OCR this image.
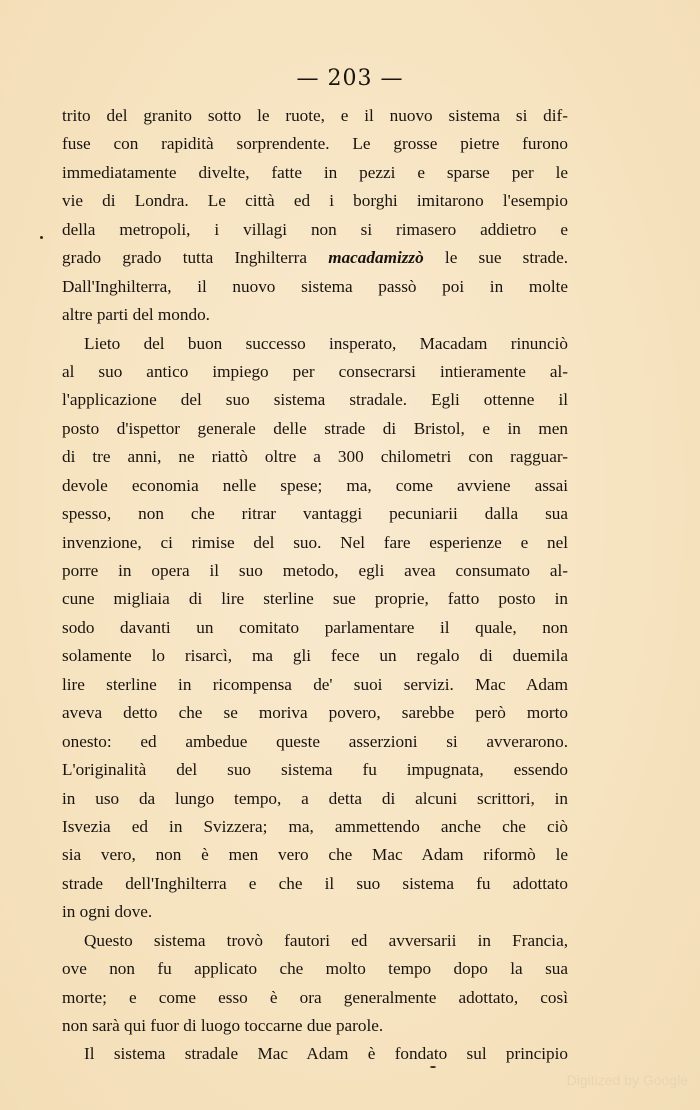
— 203 —
trito del granito sotto le ruote, e il nuovo sistema si dif-
fuse con rapidità sorprendente. Le grosse pietre furono
immediatamente divelte, fatte in pezzi e sparse per le
vie di Londra. Le città ed i borghi imitarono l'esempio
della metropoli, i villagi non si rimasero addietro e
grado grado tutta Inghilterra macadamizzò le sue strade.
Dall'Inghilterra, il nuovo sistema passò poi in molte
altre parti del mondo.
Lieto del buon successo insperato, Macadam rinunciò
al suo antico impiego per consecrarsi intieramente al-
l'applicazione del suo sistema stradale. Egli ottenne il
posto d'ispettor generale delle strade di Bristol, e in men
di tre anni, ne riattò oltre a 300 chilometri con ragguar-
devole economia nelle spese; ma, come avviene assai
spesso, non che ritrar vantaggi pecuniarii dalla sua
invenzione, ci rimise del suo. Nel fare esperienze e nel
porre in opera il suo metodo, egli avea consumato al-
cune migliaia di lire sterline sue proprie, fatto posto in
sodo davanti un comitato parlamentare il quale, non
solamente lo risarcì, ma gli fece un regalo di duemila
lire sterline in ricompensa de' suoi servizi. Mac Adam
aveva detto che se moriva povero, sarebbe però morto
onesto: ed ambedue queste asserzioni si avverarono.
L'originalità del suo sistema fu impugnata, essendo
in uso da lungo tempo, a detta di alcuni scrittori, in
Isvezia ed in Svizzera; ma, ammettendo anche che ciò
sia vero, non è men vero che Mac Adam riformò le
strade dell'Inghilterra e che il suo sistema fu adottato
in ogni dove.
Questo sistema trovò fautori ed avversarii in Francia,
ove non fu applicato che molto tempo dopo la sua
morte; e come esso è ora generalmente adottato, così
non sarà qui fuor di luogo toccarne due parole.
Il sistema stradale Mac Adam è fondato sul principio
Digitized by Google
